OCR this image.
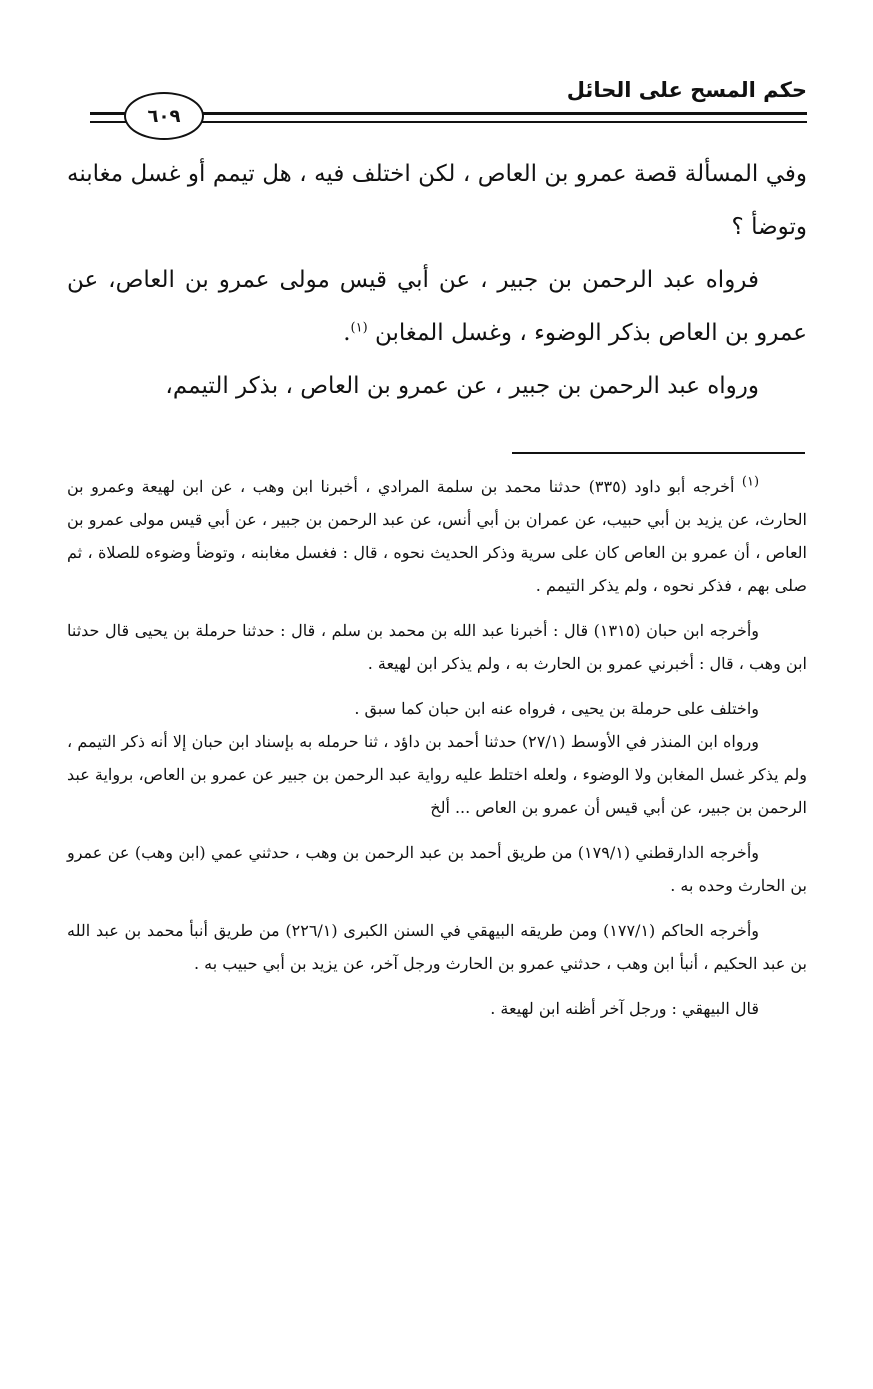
حكم المسح على الحائل
٦٠٩

وفي المسألة قصة عمرو بن العاص ، لكن اختلف فيه ، هل تيمم أو غسل مغابنه وتوضأ ؟

فرواه عبد الرحمن بن جبير ، عن أبي قيس مولى عمرو بن العاص، عن عمرو بن العاص بذكر الوضوء ، وغسل المغابن $^{(١)}$.

ورواه عبد الرحمن بن جبير ، عن عمرو بن العاص ، بذكر التيمم،

$^{(١)}$ أخرجه أبو داود (٣٣٥) حدثنا محمد بن سلمة المرادي ، أخبرنا ابن وهب ، عن ابن لهيعة وعمرو بن الحارث، عن يزيد بن أبي حبيب، عن عمران بن أبي أنس، عن عبد الرحمن بن جبير ، عن أبي قيس مولى عمرو بن العاص ، أن عمرو بن العاص كان على سرية وذكر الحديث نحوه ، قال : فغسل مغابنه ، وتوضأ وضوءه للصلاة ، ثم صلى بهم ، فذكر نحوه ، ولم يذكر التيمم .

وأخرجه ابن حبان (١٣١٥) قال : أخبرنا عبد الله بن محمد بن سلم ، قال : حدثنا حرملة بن يحيى قال حدثنا ابن وهب ، قال : أخبرني عمرو بن الحارث به ، ولم يذكر ابن لهيعة .

واختلف على حرملة بن يحيى ، فرواه عنه ابن حبان كما سبق .

ورواه ابن المنذر في الأوسط (٢٧/١) حدثنا أحمد بن داؤد ، ثنا حرمله به بإسناد ابن حبان إلا أنه ذكر التيمم ، ولم يذكر غسل المغابن ولا الوضوء ، ولعله اختلط عليه رواية عبد الرحمن بن جبير عن عمرو بن العاص، برواية عبد الرحمن بن جبير، عن أبي قيس أن عمرو بن العاص ... ألخ

وأخرجه الدارقطني (١٧٩/١) من طريق أحمد بن عبد الرحمن بن وهب ، حدثني عمي (ابن وهب) عن عمرو بن الحارث وحده به .

وأخرجه الحاكم (١٧٧/١) ومن طريقه البيهقي في السنن الكبرى (٢٢٦/١) من طريق أنبأ محمد بن عبد الله بن عبد الحكيم ، أنبأ ابن وهب ، حدثني عمرو بن الحارث ورجل آخر، عن يزيد بن أبي حبيب به .

قال البيهقي : ورجل آخر أظنه ابن لهيعة .
